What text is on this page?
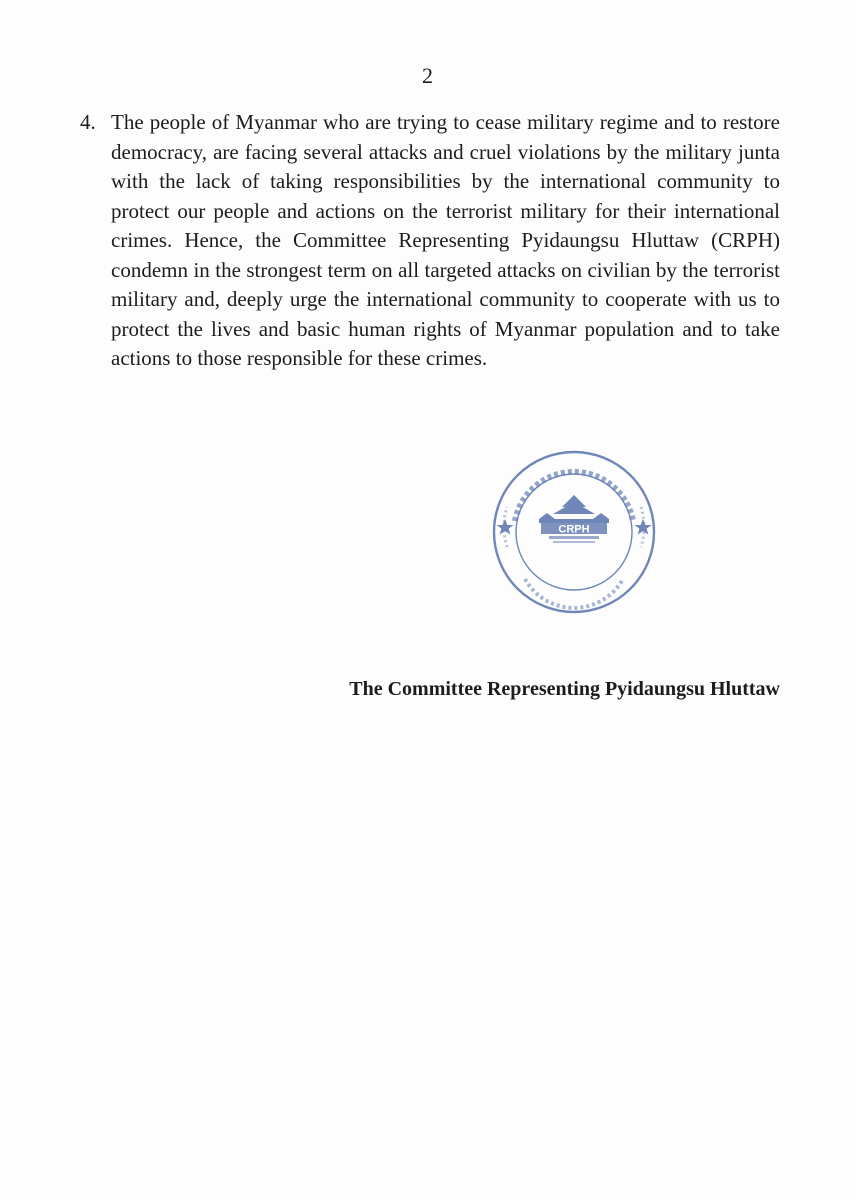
2
4. The people of Myanmar who are trying to cease military regime and to restore democracy, are facing several attacks and cruel violations by the military junta with the lack of taking responsibilities by the international community to protect our people and actions on the terrorist military for their international crimes. Hence, the Committee Representing Pyidaungsu Hluttaw (CRPH) condemn in the strongest term on all targeted attacks on civilian by the terrorist military and, deeply urge the international community to cooperate with us to protect the lives and basic human rights of Myanmar population and to take actions to those responsible for these crimes.
CRPH
The Committee Representing Pyidaungsu Hluttaw
